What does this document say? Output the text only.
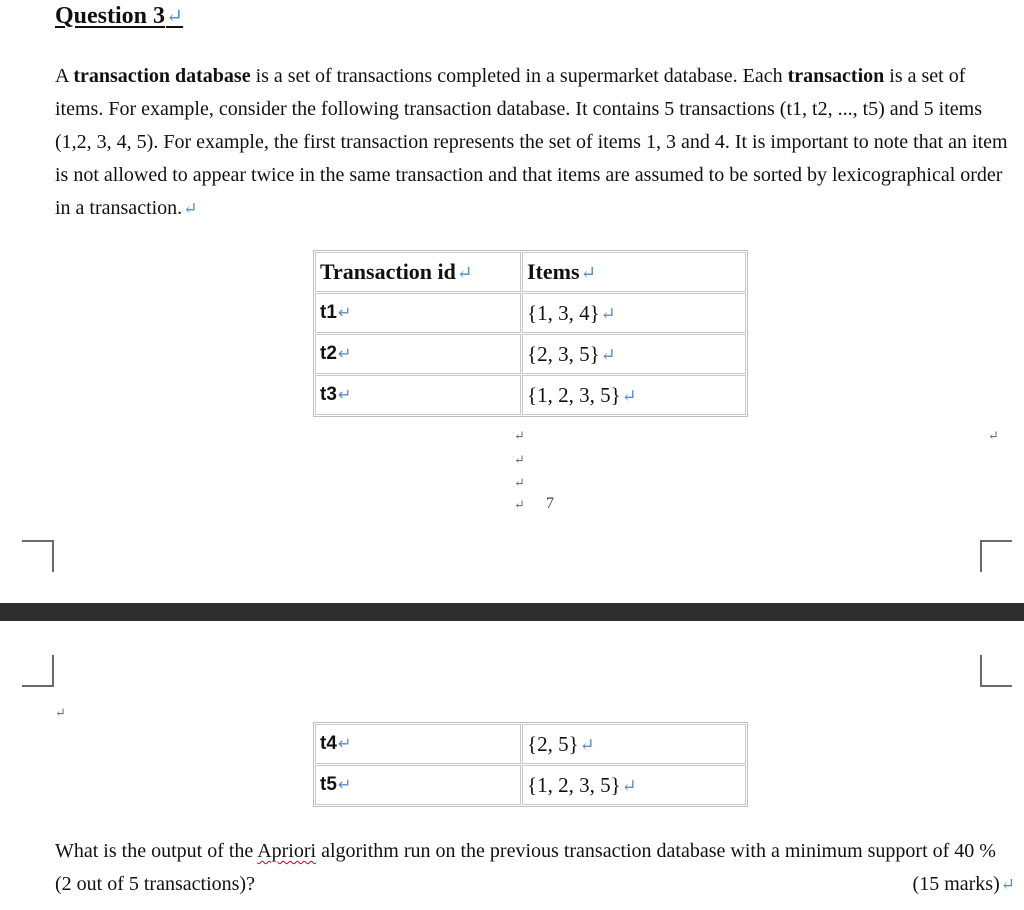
Question 3↵
A transaction database is a set of transactions completed in a supermarket database. Each transaction is a set of items. For example, consider the following transaction database. It contains 5 transactions (t1, t2, ..., t5) and 5 items (1,2, 3, 4, 5). For example, the first transaction represents the set of items 1, 3 and 4. It is important to note that an item is not allowed to appear twice in the same transaction and that items are assumed to be sorted by lexicographical order in a transaction.↵
Transaction id↵	Items↵
t1↵	{1, 3, 4}↵
t2↵	{2, 3, 5}↵
t3↵	{1, 2, 3, 5}↵
↵
↵
↵
↵
↵
↵
7
t4↵	{2, 5}↵
t5↵	{1, 2, 3, 5}↵
What is the output of the Apriori algorithm run on the previous transaction database with a minimum support of 40 % (2 out of 5 transactions)?	(15 marks)↵
